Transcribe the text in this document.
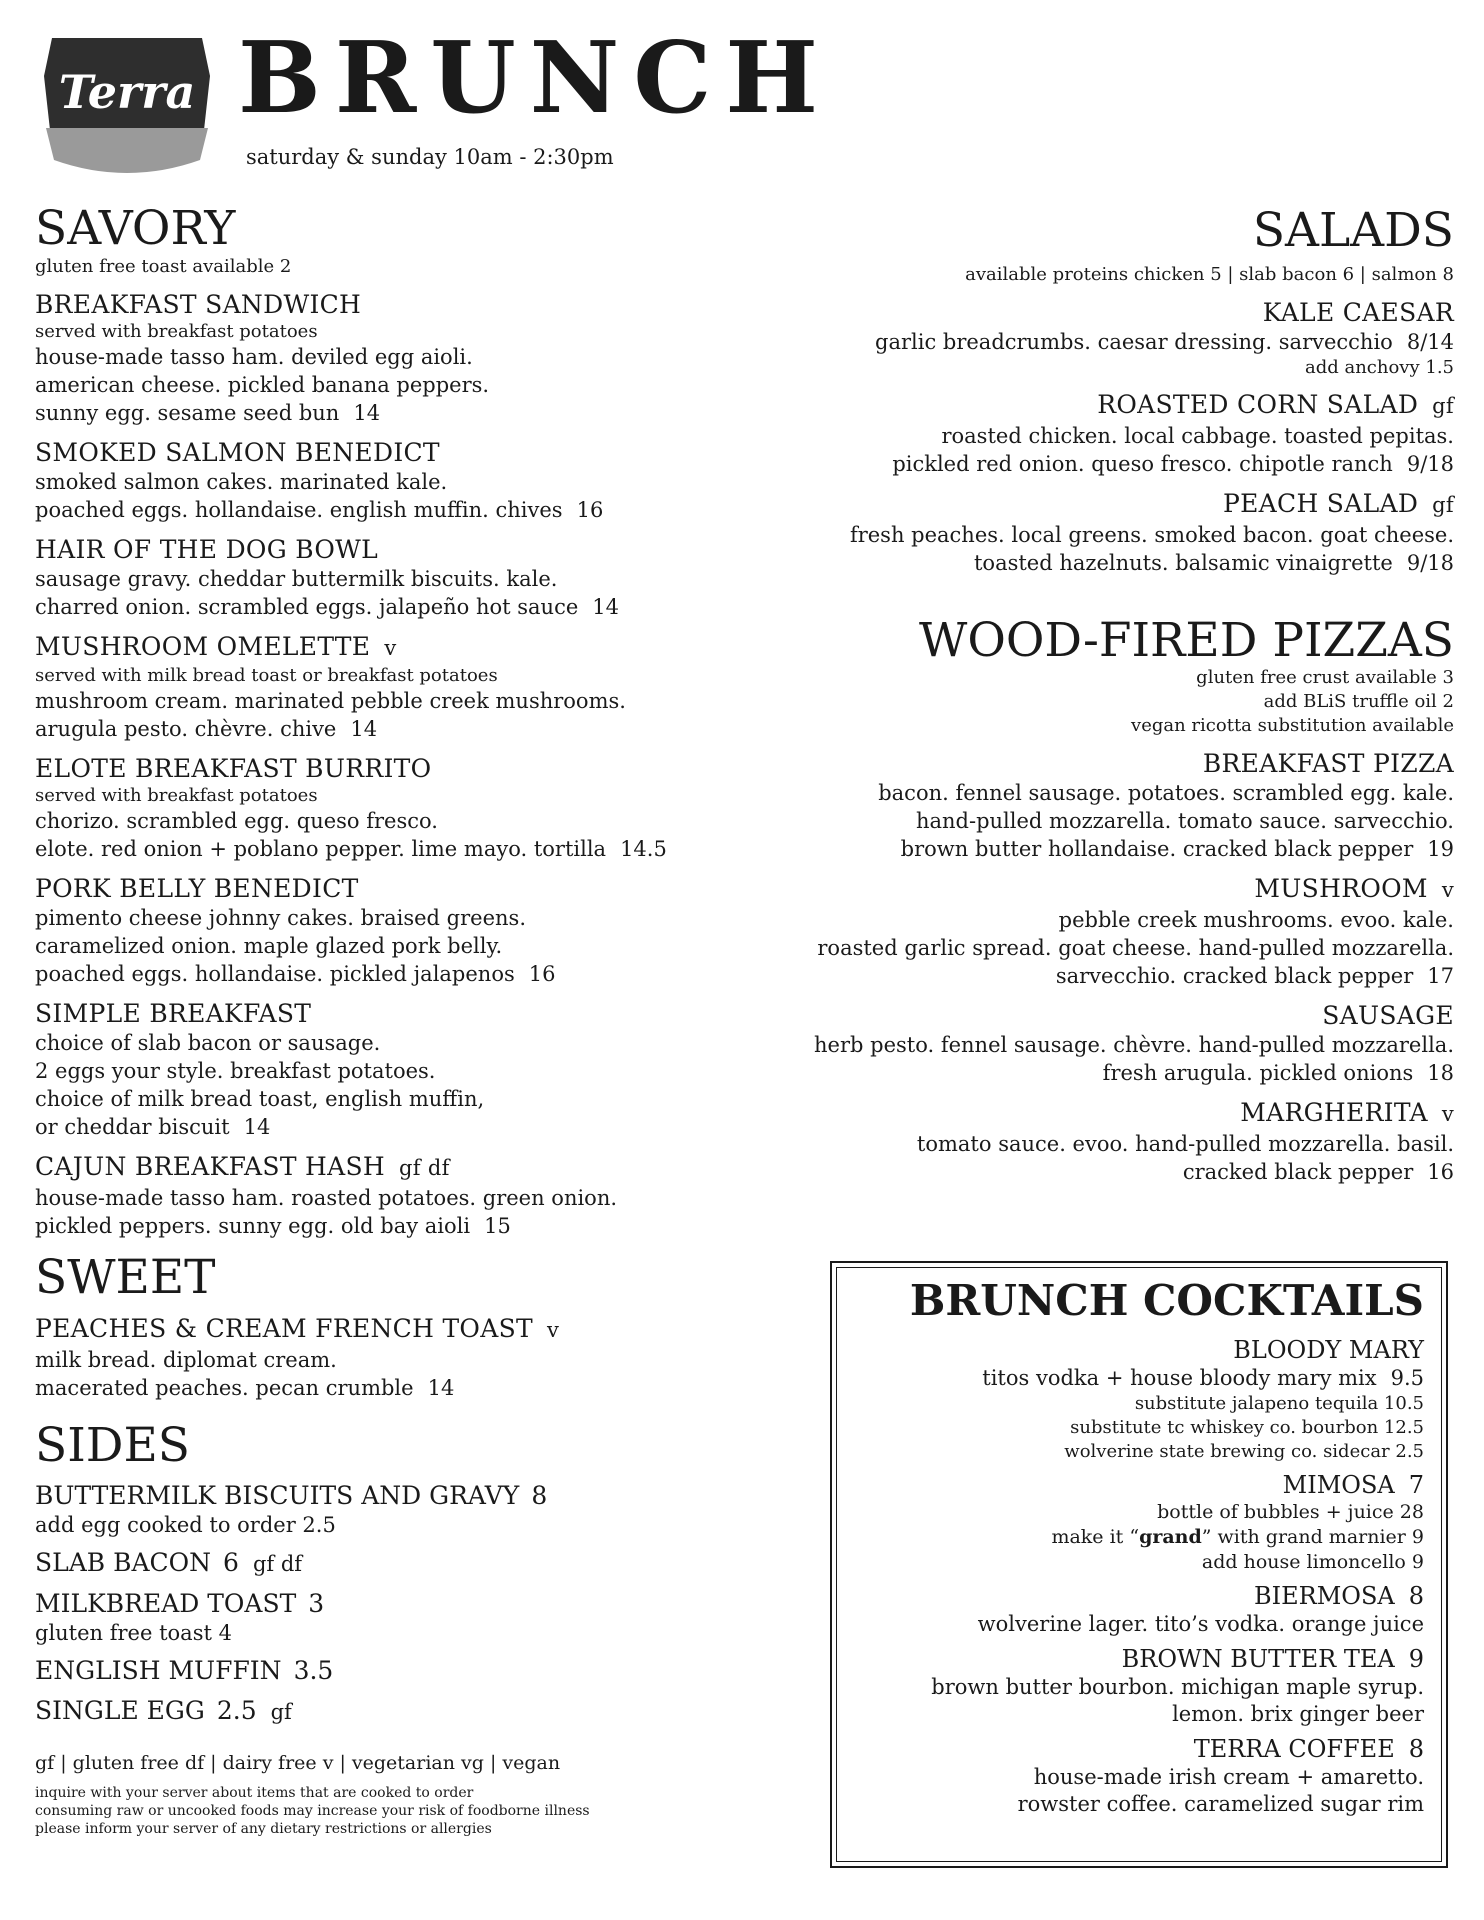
Terra BRUNCH
saturday & sunday 10am - 2:30pm
SAVORY
gluten free toast available 2
BREAKFAST SANDWICH
served with breakfast potatoes
house-made tasso ham. deviled egg aioli.
american cheese. pickled banana peppers.
sunny egg. sesame seed bun 14
SMOKED SALMON BENEDICT
smoked salmon cakes. marinated kale.
poached eggs. hollandaise. english muffin. chives 16
HAIR OF THE DOG BOWL
sausage gravy. cheddar buttermilk biscuits. kale.
charred onion. scrambled eggs. jalapeño hot sauce 14
MUSHROOM OMELETTE v
served with milk bread toast or breakfast potatoes
mushroom cream. marinated pebble creek mushrooms.
arugula pesto. chèvre. chive 14
ELOTE BREAKFAST BURRITO
served with breakfast potatoes
chorizo. scrambled egg. queso fresco.
elote. red onion + poblano pepper. lime mayo. tortilla 14.5
PORK BELLY BENEDICT
pimento cheese johnny cakes. braised greens.
caramelized onion. maple glazed pork belly.
poached eggs. hollandaise. pickled jalapenos 16
SIMPLE BREAKFAST
choice of slab bacon or sausage.
2 eggs your style. breakfast potatoes.
choice of milk bread toast, english muffin,
or cheddar biscuit 14
CAJUN BREAKFAST HASH gf df
house-made tasso ham. roasted potatoes. green onion.
pickled peppers. sunny egg. old bay aioli 15
SWEET
PEACHES & CREAM FRENCH TOAST v
milk bread. diplomat cream.
macerated peaches. pecan crumble 14
SIDES
BUTTERMILK BISCUITS AND GRAVY 8
add egg cooked to order 2.5
SLAB BACON 6 gf df
MILKBREAD TOAST 3
gluten free toast 4
ENGLISH MUFFIN 3.5
SINGLE EGG 2.5 gf
gf | gluten free df | dairy free v | vegetarian vg | vegan
inquire with your server about items that are cooked to order
consuming raw or uncooked foods may increase your risk of foodborne illness
please inform your server of any dietary restrictions or allergies
SALADS
available proteins chicken 5 | slab bacon 6 | salmon 8
KALE CAESAR
garlic breadcrumbs. caesar dressing. sarvecchio 8/14
add anchovy 1.5
ROASTED CORN SALAD gf
roasted chicken. local cabbage. toasted pepitas.
pickled red onion. queso fresco. chipotle ranch 9/18
PEACH SALAD gf
fresh peaches. local greens. smoked bacon. goat cheese.
toasted hazelnuts. balsamic vinaigrette 9/18
WOOD-FIRED PIZZAS
gluten free crust available 3
add BLiS truffle oil 2
vegan ricotta substitution available
BREAKFAST PIZZA
bacon. fennel sausage. potatoes. scrambled egg. kale.
hand-pulled mozzarella. tomato sauce. sarvecchio.
brown butter hollandaise. cracked black pepper 19
MUSHROOM v
pebble creek mushrooms. evoo. kale.
roasted garlic spread. goat cheese. hand-pulled mozzarella.
sarvecchio. cracked black pepper 17
SAUSAGE
herb pesto. fennel sausage. chèvre. hand-pulled mozzarella.
fresh arugula. pickled onions 18
MARGHERITA v
tomato sauce. evoo. hand-pulled mozzarella. basil.
cracked black pepper 16
BRUNCH COCKTAILS
BLOODY MARY
titos vodka + house bloody mary mix 9.5
substitute jalapeno tequila 10.5
substitute tc whiskey co. bourbon 12.5
wolverine state brewing co. sidecar 2.5
MIMOSA 7
bottle of bubbles + juice 28
make it “grand” with grand marnier 9
add house limoncello 9
BIERMOSA 8
wolverine lager. tito’s vodka. orange juice
BROWN BUTTER TEA 9
brown butter bourbon. michigan maple syrup.
lemon. brix ginger beer
TERRA COFFEE 8
house-made irish cream + amaretto.
rowster coffee. caramelized sugar rim
